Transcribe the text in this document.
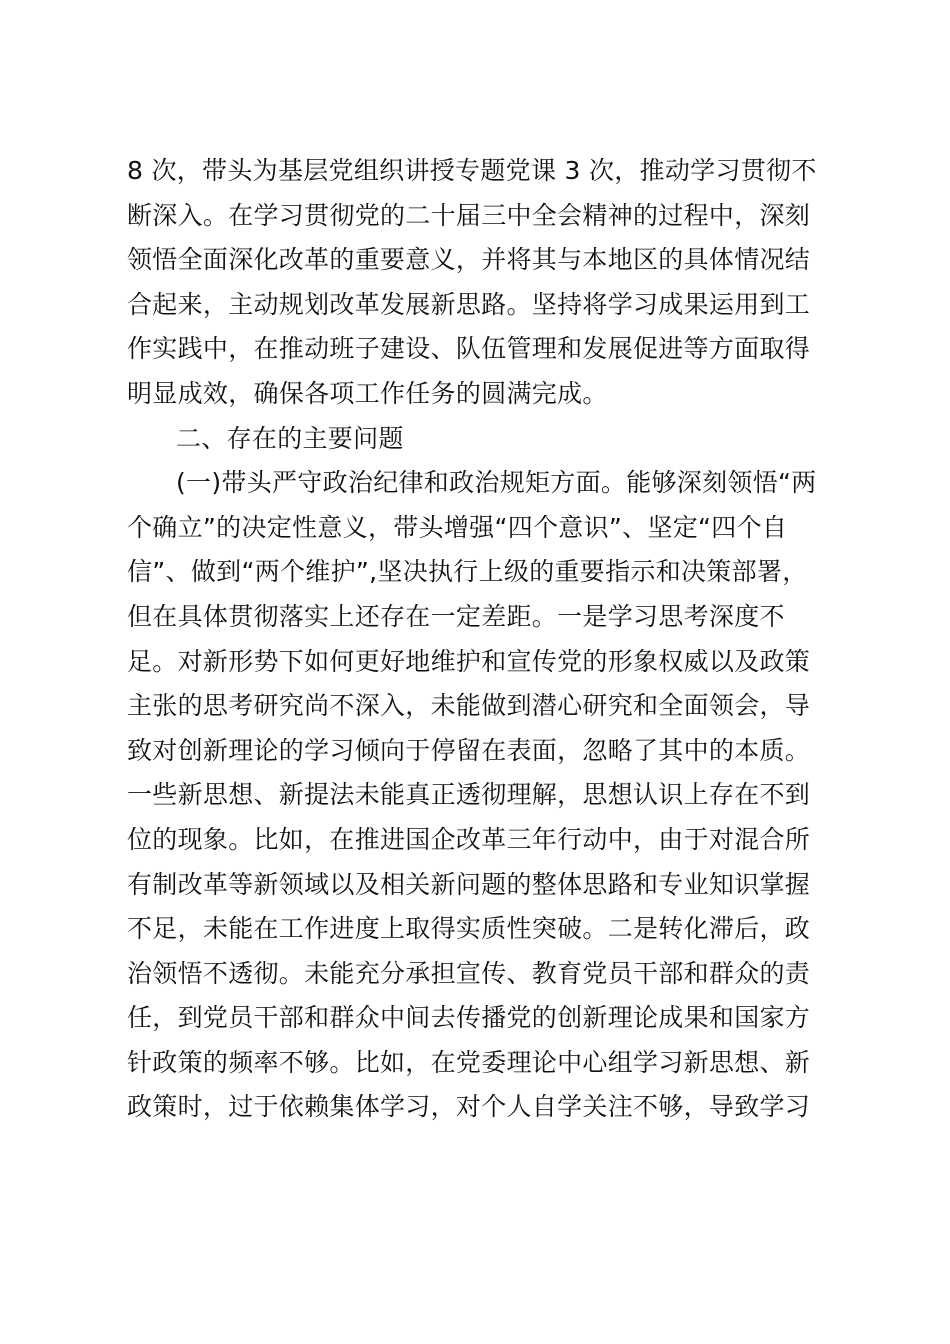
8 次，带头为基层党组织讲授专题党课 3 次，推动学习贯彻不
断深入。在学习贯彻党的二十届三中全会精神的过程中，深刻
领悟全面深化改革的重要意义，并将其与本地区的具体情况结
合起来，主动规划改革发展新思路。坚持将学习成果运用到工
作实践中，在推动班子建设、队伍管理和发展促进等方面取得
明显成效，确保各项工作任务的圆满完成。
二、存在的主要问题
(一)带头严守政治纪律和政治规矩方面。能够深刻领悟“两
个确立”的决定性意义，带头增强“四个意识”、坚定“四个自
信”、做到“两个维护”,坚决执行上级的重要指示和决策部署，
但在具体贯彻落实上还存在一定差距。一是学习思考深度不
足。对新形势下如何更好地维护和宣传党的形象权威以及政策
主张的思考研究尚不深入，未能做到潜心研究和全面领会，导
致对创新理论的学习倾向于停留在表面，忽略了其中的本质。
一些新思想、新提法未能真正透彻理解，思想认识上存在不到
位的现象。比如，在推进国企改革三年行动中，由于对混合所
有制改革等新领域以及相关新问题的整体思路和专业知识掌握
不足，未能在工作进度上取得实质性突破。二是转化滞后，政
治领悟不透彻。未能充分承担宣传、教育党员干部和群众的责
任，到党员干部和群众中间去传播党的创新理论成果和国家方
针政策的频率不够。比如，在党委理论中心组学习新思想、新
政策时，过于依赖集体学习，对个人自学关注不够，导致学习
